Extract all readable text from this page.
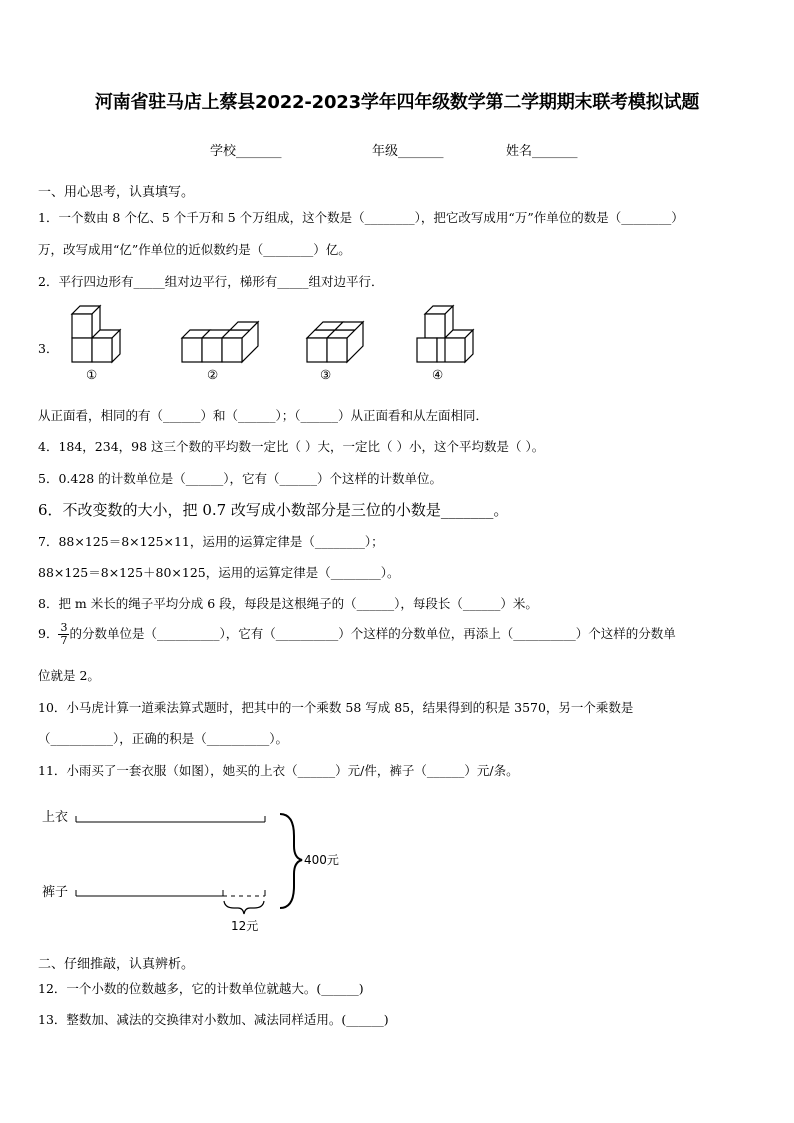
河南省驻马店上蔡县2022-2023学年四年级数学第二学期期末联考模拟试题
学校_______	年级_______	姓名_______
一、用心思考，认真填写。
1．一个数由 8 个亿、5 个千万和 5 个万组成，这个数是（________），把它改写成用“万”作单位的数是（________）
万，改写成用“亿”作单位的近似数约是（________）亿。
2．平行四边形有_____组对边平行，梯形有_____组对边平行．
3．
①	②	③	④
从正面看，相同的有（______）和（______）；（______）从正面看和从左面相同．
4．184，234，98 这三个数的平均数一定比（ ）大，一定比（ ）小，这个平均数是（ ）。
5．0.428 的计数单位是（______），它有（______）个这样的计数单位。
6．不改变数的大小，把 0.7 改写成小数部分是三位的小数是_______。
7．88×125＝8×125×11，运用的运算定律是（________）；
88×125＝8×125＋80×125，运用的运算定律是（________）。
8．把 m 米长的绳子平均分成 6 段，每段是这根绳子的（______），每段长（______）米。
9． $\frac{3}{7}$ 的分数单位是（__________），它有（__________）个这样的分数单位，再添上（__________）个这样的分数单
位就是 2。
10．小马虎计算一道乘法算式题时，把其中的一个乘数 58 写成 85，结果得到的积是 3570，另一个乘数是
（__________），正确的积是（__________）。
11．小雨买了一套衣服（如图），她买的上衣（______）元/件，裤子（______）元/条。
上衣
裤子
12元
400元
二、仔细推敲，认真辨析。
12．一个小数的位数越多，它的计数单位就越大。(______)
13．整数加、减法的交换律对小数加、减法同样适用。(______)
